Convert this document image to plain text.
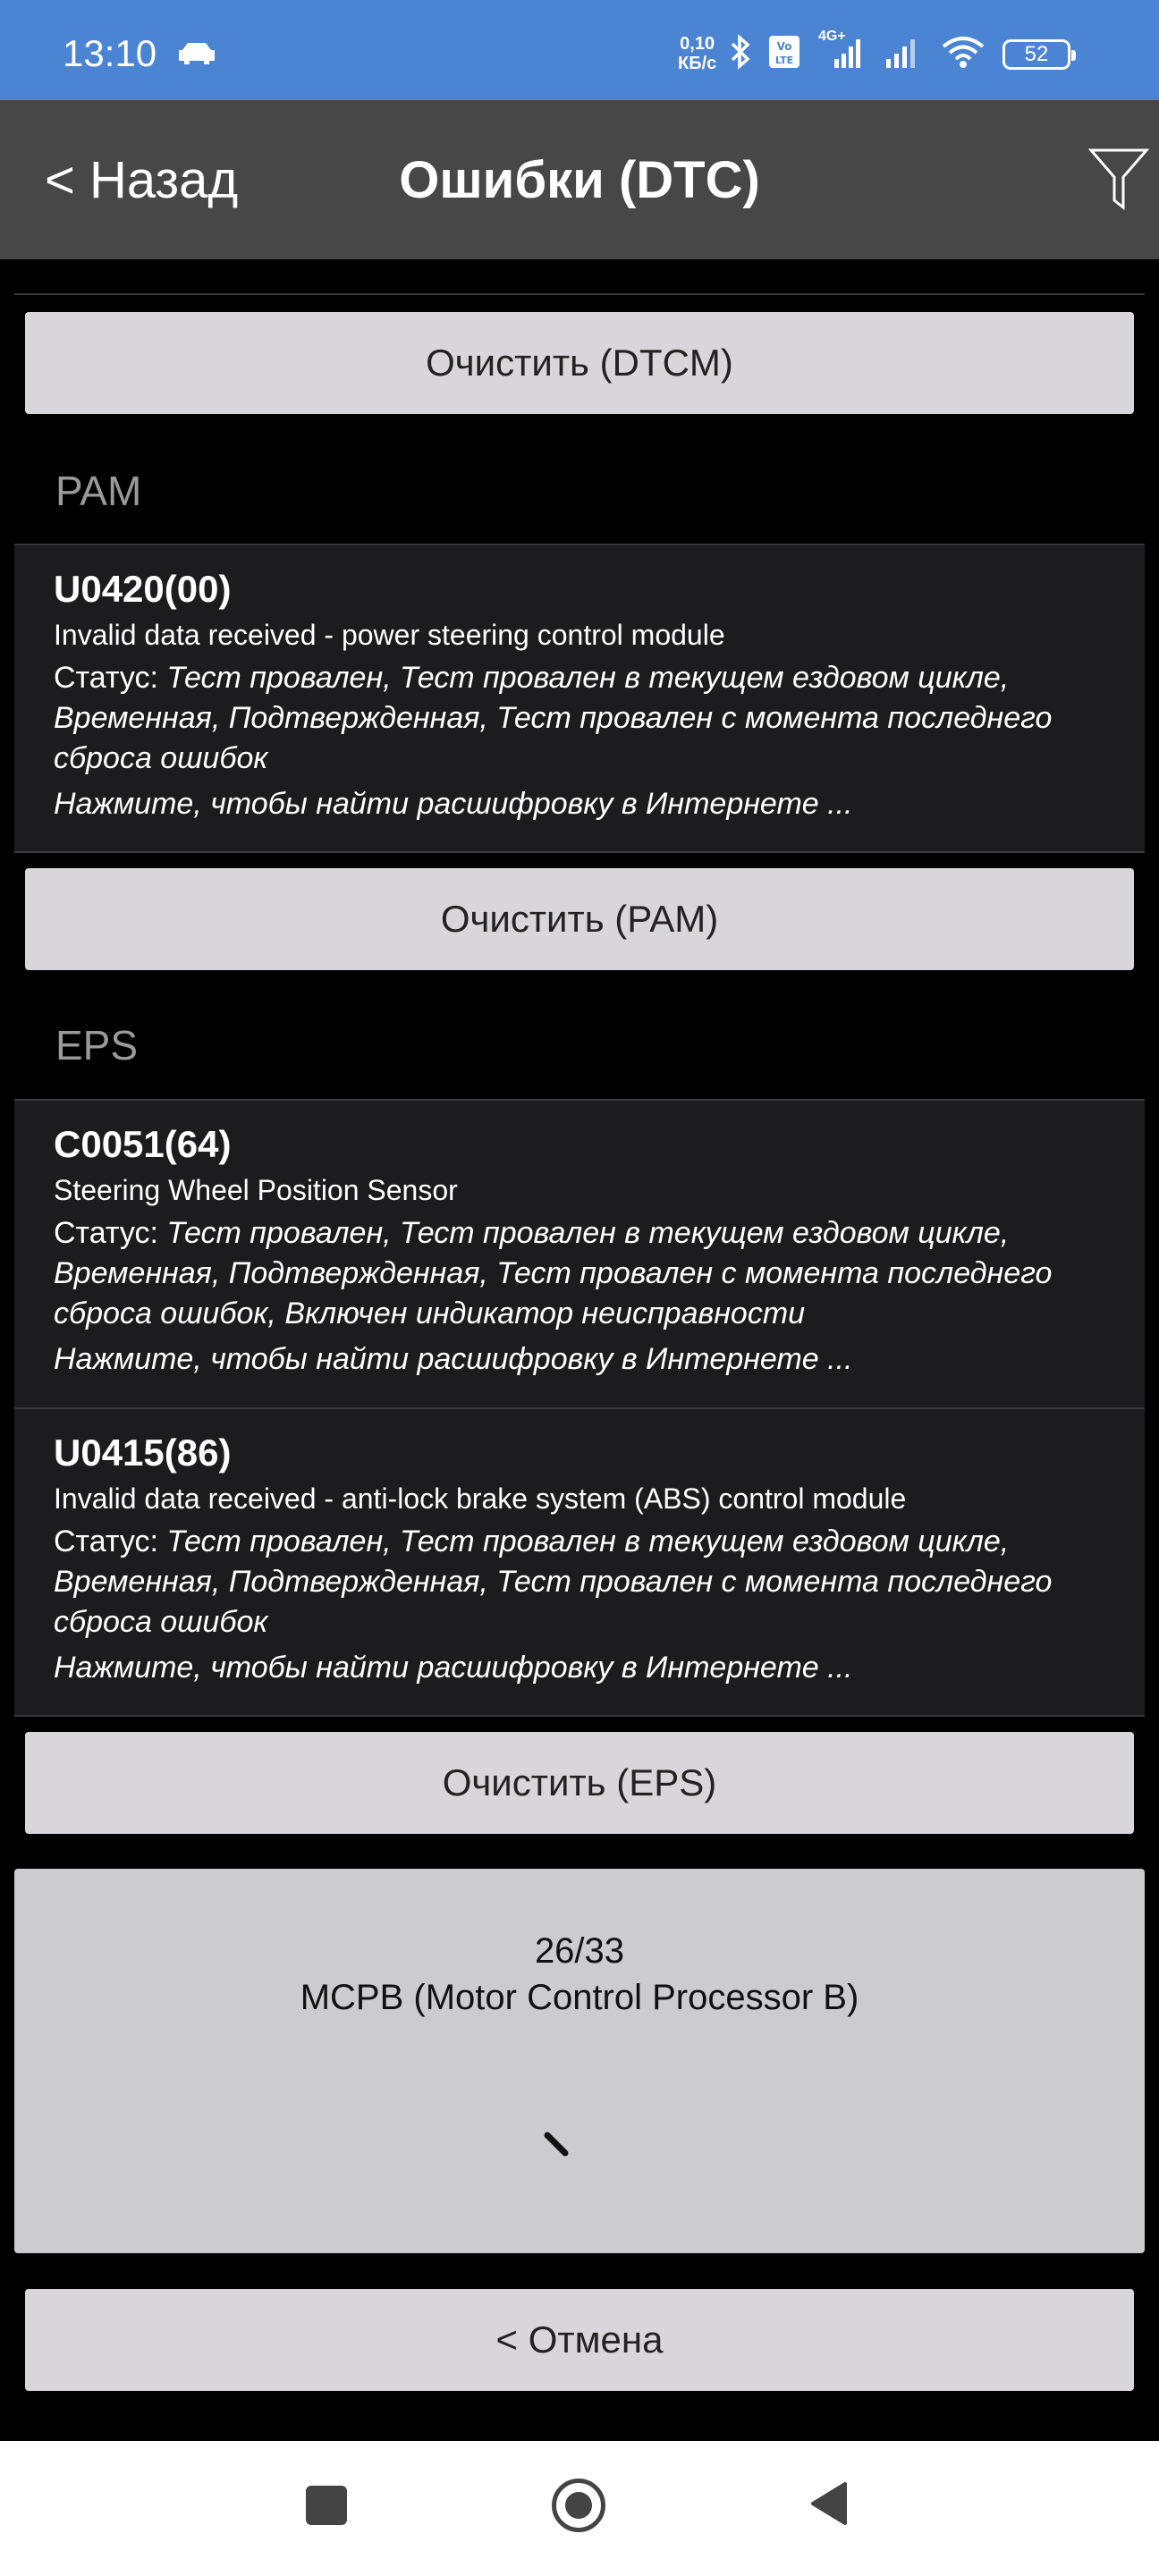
13:10	0,10
КБ/с
Vo
LTE
4G+
52
< Назад	Ошибки (DTC)
Очистить (DTCM)
PAM
U0420(00)
Invalid data received - power steering control module
Статус: Тест провален, Тест провален в текущем ездовом цикле, Временная, Подтвержденная, Тест провален с момента последнего сброса ошибок
Нажмите, чтобы найти расшифровку в Интернете ...
Очистить (PAM)
EPS
C0051(64)
Steering Wheel Position Sensor
Статус: Тест провален, Тест провален в текущем ездовом цикле, Временная, Подтвержденная, Тест провален с момента последнего сброса ошибок, Включен индикатор неисправности
Нажмите, чтобы найти расшифровку в Интернете ...
U0415(86)
Invalid data received - anti-lock brake system (ABS) control module
Статус: Тест провален, Тест провален в текущем ездовом цикле, Временная, Подтвержденная, Тест провален с момента последнего сброса ошибок
Нажмите, чтобы найти расшифровку в Интернете ...
Очистить (EPS)
26/33
MCPB (Motor Control Processor B)
< Отмена
